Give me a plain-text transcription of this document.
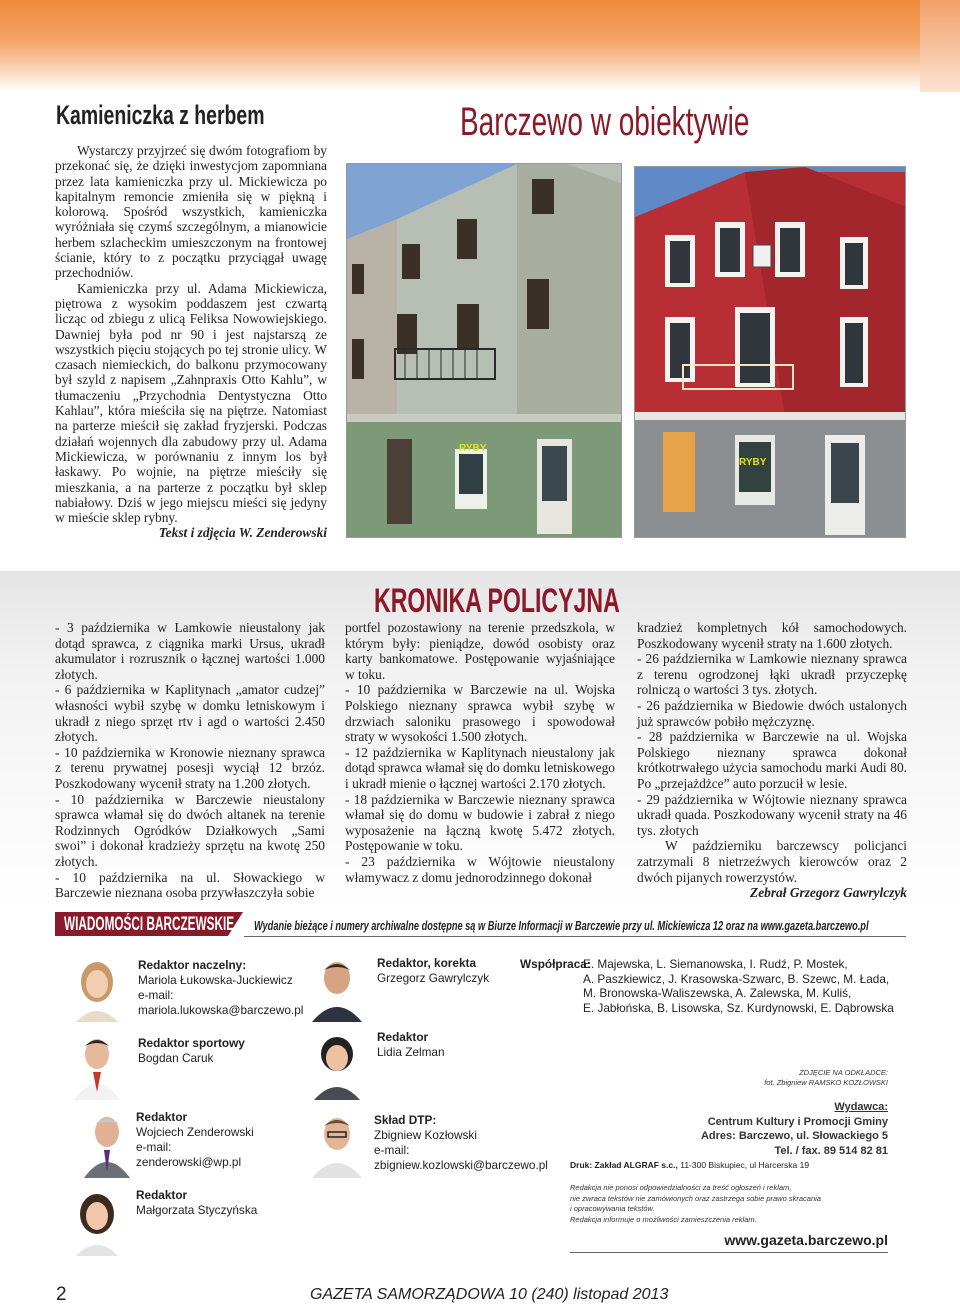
Kamieniczka z herbem	Barczewo w obiektywie

Wystarczy przyjrzeć się dwóm fotografiom by przekonać się, że dzięki inwestycjom zapomniana przez lata kamieniczka przy ul. Mickiewicza po kapitalnym remoncie zmieniła się w piękną i kolorową. Spośród wszystkich, kamieniczka wyróżniała się czymś szczególnym, a mianowicie herbem szlacheckim umieszczonym na frontowej ścianie, który to z początku przyciągał uwagę przechodniów.

Kamieniczka przy ul. Adama Mickiewicza, piętrowa z wysokim poddaszem jest czwartą licząc od zbiegu z ulicą Feliksa Nowowiejskiego. Dawniej była pod nr 90 i jest najstarszą ze wszystkich pięciu stojących po tej stronie ulicy. W czasach niemieckich, do balkonu przymocowany był szyld z napisem „Zahnpraxis Otto Kahlu”, w tłumaczeniu „Przychodnia Dentystyczna Otto Kahlau”, która mieściła się na piętrze. Natomiast na parterze mieścił się zakład fryzjerski. Podczas działań wojennych dla zabudowy przy ul. Adama Mickiewicza, w porównaniu z innym los był łaskawy. Po wojnie, na piętrze mieściły się mieszkania, a na parterze z początku był sklep nabiałowy. Dziś w jego miejscu mieści się jedyny w mieście sklep rybny.

Tekst i zdjęcia W. Zenderowski

RYBY
RYBY
KRONIKA POLICYJNA

- 3 października w Lamkowie nieustalony jak dotąd sprawca, z ciągnika marki Ursus, ukradł akumulator i rozrusznik o łącznej wartości 1.000 złotych.

- 6 października w Kaplitynach „amator cudzej” własności wybił szybę w domku letniskowym i ukradł z niego sprzęt rtv i agd o wartości 2.450 złotych.

- 10 października w Kronowie nieznany sprawca z terenu prywatnej posesji wyciął 12 brzóz. Poszkodowany wycenił straty na 1.200 złotych.

- 10 października w Barczewie nieustalony sprawca włamał się do dwóch altanek na terenie Rodzinnych Ogródków Działkowych „Sami swoi” i dokonał kradzieży sprzętu na kwotę 250 złotych.

- 10 października na ul. Słowackiego w Barczewie nieznana osoba przywłaszczyła sobie

portfel pozostawiony na terenie przedszkola, w którym były: pieniądze, dowód osobisty oraz karty bankomatowe. Postępowanie wyjaśniające w toku.

- 10 października w Barczewie na ul. Wojska Polskiego nieznany sprawca wybił szybę w drzwiach saloniku prasowego i spowodował straty w wysokości 1.500 złotych.

- 12 października w Kaplitynach nieustalony jak dotąd sprawca włamał się do domku letniskowego i ukradł mienie o łącznej wartości 2.170 złotych.

- 18 października w Barczewie nieznany sprawca włamał się do domu w budowie i zabrał z niego wyposażenie na łączną kwotę 5.472 złotych. Postępowanie w toku.

- 23 października w Wójtowie nieustalony włamywacz z domu jednorodzinnego dokonał

kradzież kompletnych kół samochodowych. Poszkodowany wycenił straty na 1.600 złotych.

- 26 października w Lamkowie nieznany sprawca z terenu ogrodzonej łąki ukradł przyczepkę rolniczą o wartości 3 tys. złotych.

- 26 października w Biedowie dwóch ustalonych już sprawców pobiło mężczyznę.

- 28 października w Barczewie na ul. Wojska Polskiego nieznany sprawca dokonał krótkotrwałego użycia samochodu marki Audi 80. Po „przejażdżce” auto porzucił w lesie.

- 29 października w Wójtowie nieznany sprawca ukradł quada. Poszkodowany wycenił straty na 46 tys. złotych

W październiku barczewscy policjanci zatrzymali 8 nietrzeźwych kierowców oraz 2 dwóch pijanych rowerzystów.

Zebrał Grzegorz Gawrylczyk

WIADOMOŚCI BARCZEWSKIE Wydanie bieżące i numery archiwalne dostępne są w Biurze Informacji w Barczewie przy ul. Mickiewicza 12 oraz na www.gazeta.barczewo.pl
Redaktor naczelny:
Mariola Łukowska-Juckiewicz
e-mail:
mariola.lukowska@barczewo.pl
Redaktor sportowy
Bogdan Caruk
Redaktor
Wojciech Zenderowski
e-mail:
zenderowski@wp.pl
Redaktor
Małgorzata Styczyńska
Redaktor, korekta
Grzegorz Gawrylczyk
Redaktor
Lidia Zelman
Skład DTP:
Zbigniew Kozłowski
e-mail:
zbigniew.kozlowski@barczewo.pl
Współpraca:
E. Majewska, L. Siemanowska, I. Rudź, P. Mostek,
A. Paszkiewicz, J. Krasowska-Szwarc, B. Szewc, M. Łada,
M. Bronowska-Waliszewska, A. Zalewska, M. Kuliś,
E. Jabłońska, B. Lisowska, Sz. Kurdynowski, E. Dąbrowska
ZDJĘCIE NA ODKŁADCE:
fot. Zbigniew RAMSKO KOZŁOWSKI
Wydawca:
Centrum Kultury i Promocji Gminy
Adres: Barczewo, ul. Słowackiego 5
Tel. / fax. 89 514 82 81
Druk: Zakład ALGRAF s.c., 11-300 Biskupiec, ul Harcerska 19
Redakcja nie ponosi odpowiedzialności za treść ogłoszeń i reklam,
nie zwraca tekstów nie zamówionych oraz zastrzega sobie prawo skracania
i opracowywania tekstów.
Redakcja informuje o możliwości zamieszczenia reklam.
www.gazeta.barczewo.pl
2	GAZETA SAMORZĄDOWA 10 (240) listopad 2013
